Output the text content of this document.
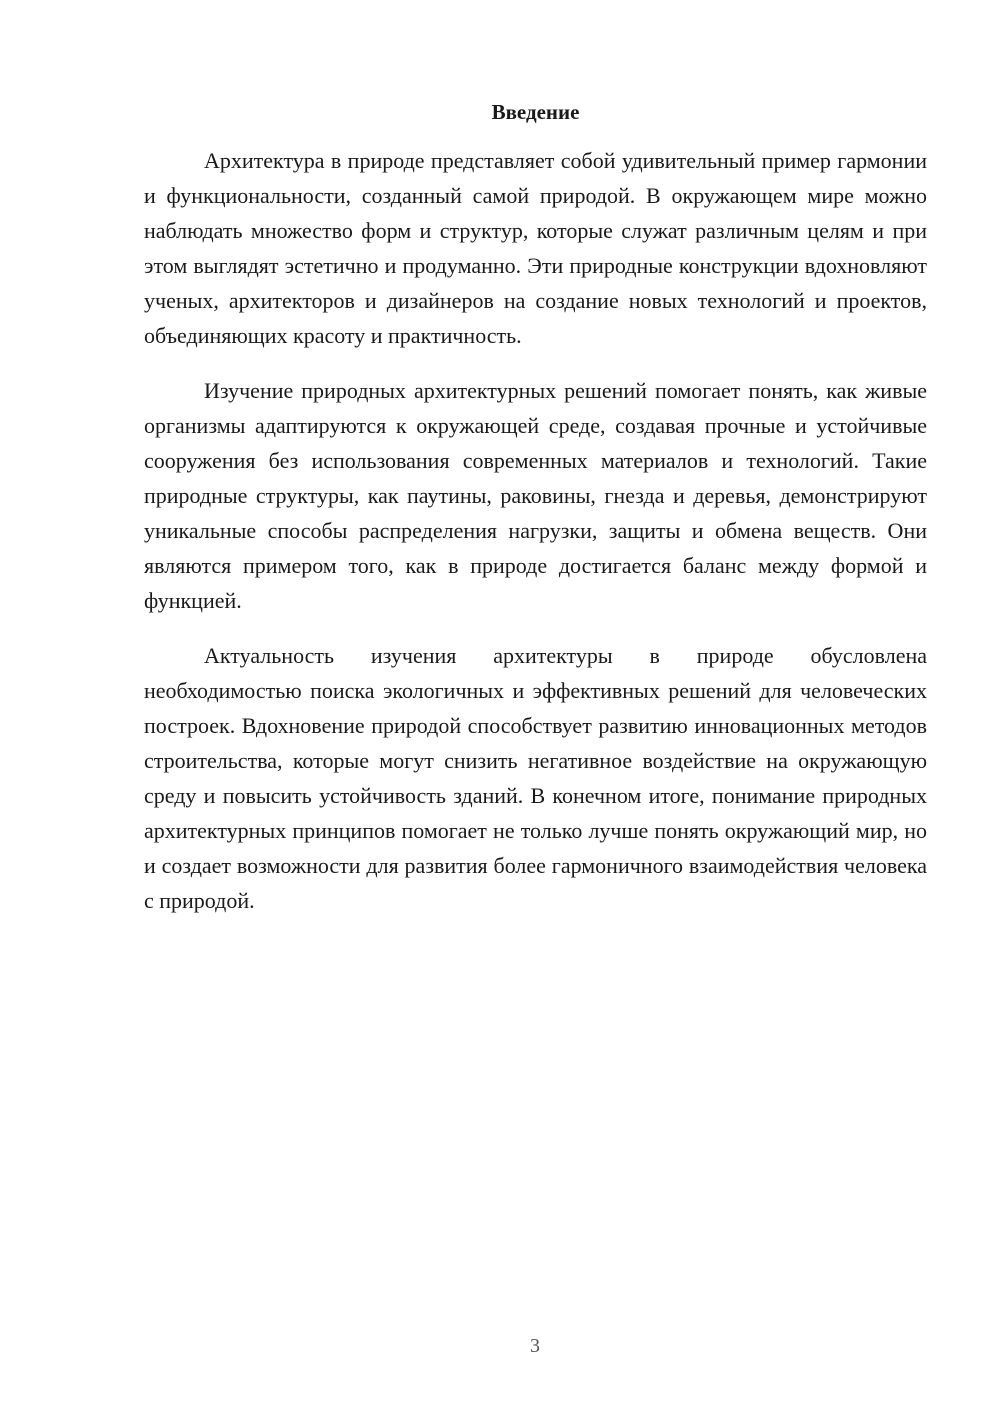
Введение

Архитектура в природе представляет собой удивительный пример гармонии и функциональности, созданный самой природой. В окружающем мире можно наблюдать множество форм и структур, которые служат различным целям и при этом выглядят эстетично и продуманно. Эти природные конструкции вдохновляют ученых, архитекторов и дизайнеров на создание новых технологий и проектов, объединяющих красоту и практичность.

Изучение природных архитектурных решений помогает понять, как живые организмы адаптируются к окружающей среде, создавая прочные и устойчивые сооружения без использования современных материалов и технологий. Такие природные структуры, как паутины, раковины, гнезда и деревья, демонстрируют уникальные способы распределения нагрузки, защиты и обмена веществ. Они являются примером того, как в природе достигается баланс между формой и функцией.

Актуальность изучения архитектуры в природе обусловлена необходимостью поиска экологичных и эффективных решений для человеческих построек. Вдохновение природой способствует развитию инновационных методов строительства, которые могут снизить негативное воздействие на окружающую среду и повысить устойчивость зданий. В конечном итоге, понимание природных архитектурных принципов помогает не только лучше понять окружающий мир, но и создает возможности для развития более гармоничного взаимодействия человека с природой.

3
